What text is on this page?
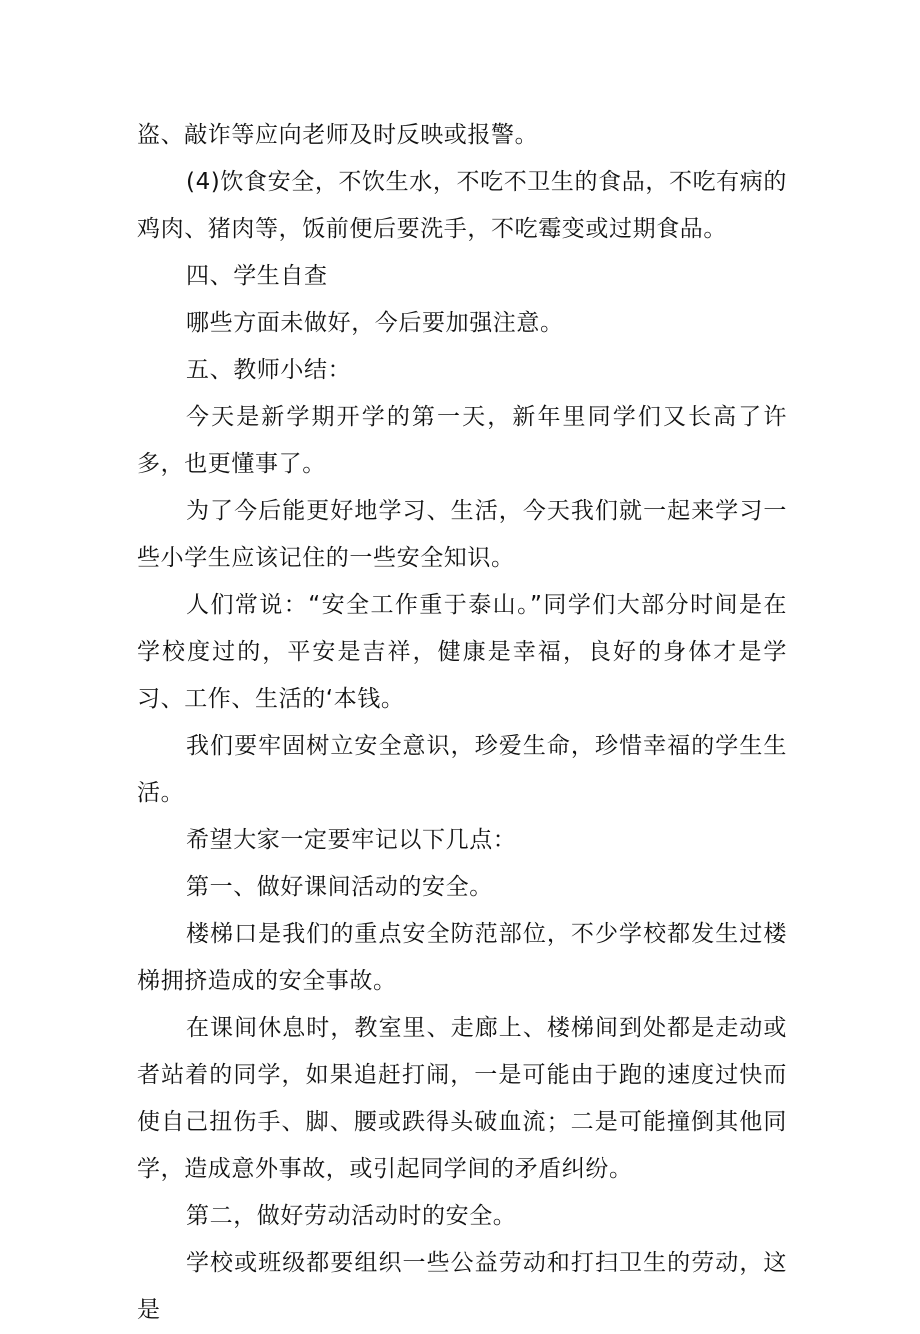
盗、敲诈等应向老师及时反映或报警。

(4)饮食安全，不饮生水，不吃不卫生的食品，不吃有病的鸡肉、猪肉等，饭前便后要洗手，不吃霉变或过期食品。

四、学生自查

哪些方面未做好，今后要加强注意。

五、教师小结：

今天是新学期开学的第一天，新年里同学们又长高了许多，也更懂事了。

为了今后能更好地学习、生活，今天我们就一起来学习一些小学生应该记住的一些安全知识。

人们常说：“安全工作重于泰山。”同学们大部分时间是在学校度过的，平安是吉祥，健康是幸福，良好的身体才是学习、工作、生活的‘本钱。

我们要牢固树立安全意识，珍爱生命，珍惜幸福的学生生活。

希望大家一定要牢记以下几点：

第一、做好课间活动的安全。

楼梯口是我们的重点安全防范部位，不少学校都发生过楼梯拥挤造成的安全事故。

在课间休息时，教室里、走廊上、楼梯间到处都是走动或者站着的同学，如果追赶打闹，一是可能由于跑的速度过快而使自己扭伤手、脚、腰或跌得头破血流；二是可能撞倒其他同学，造成意外事故，或引起同学间的矛盾纠纷。

第二，做好劳动活动时的安全。

学校或班级都要组织一些公益劳动和打扫卫生的劳动，这是
